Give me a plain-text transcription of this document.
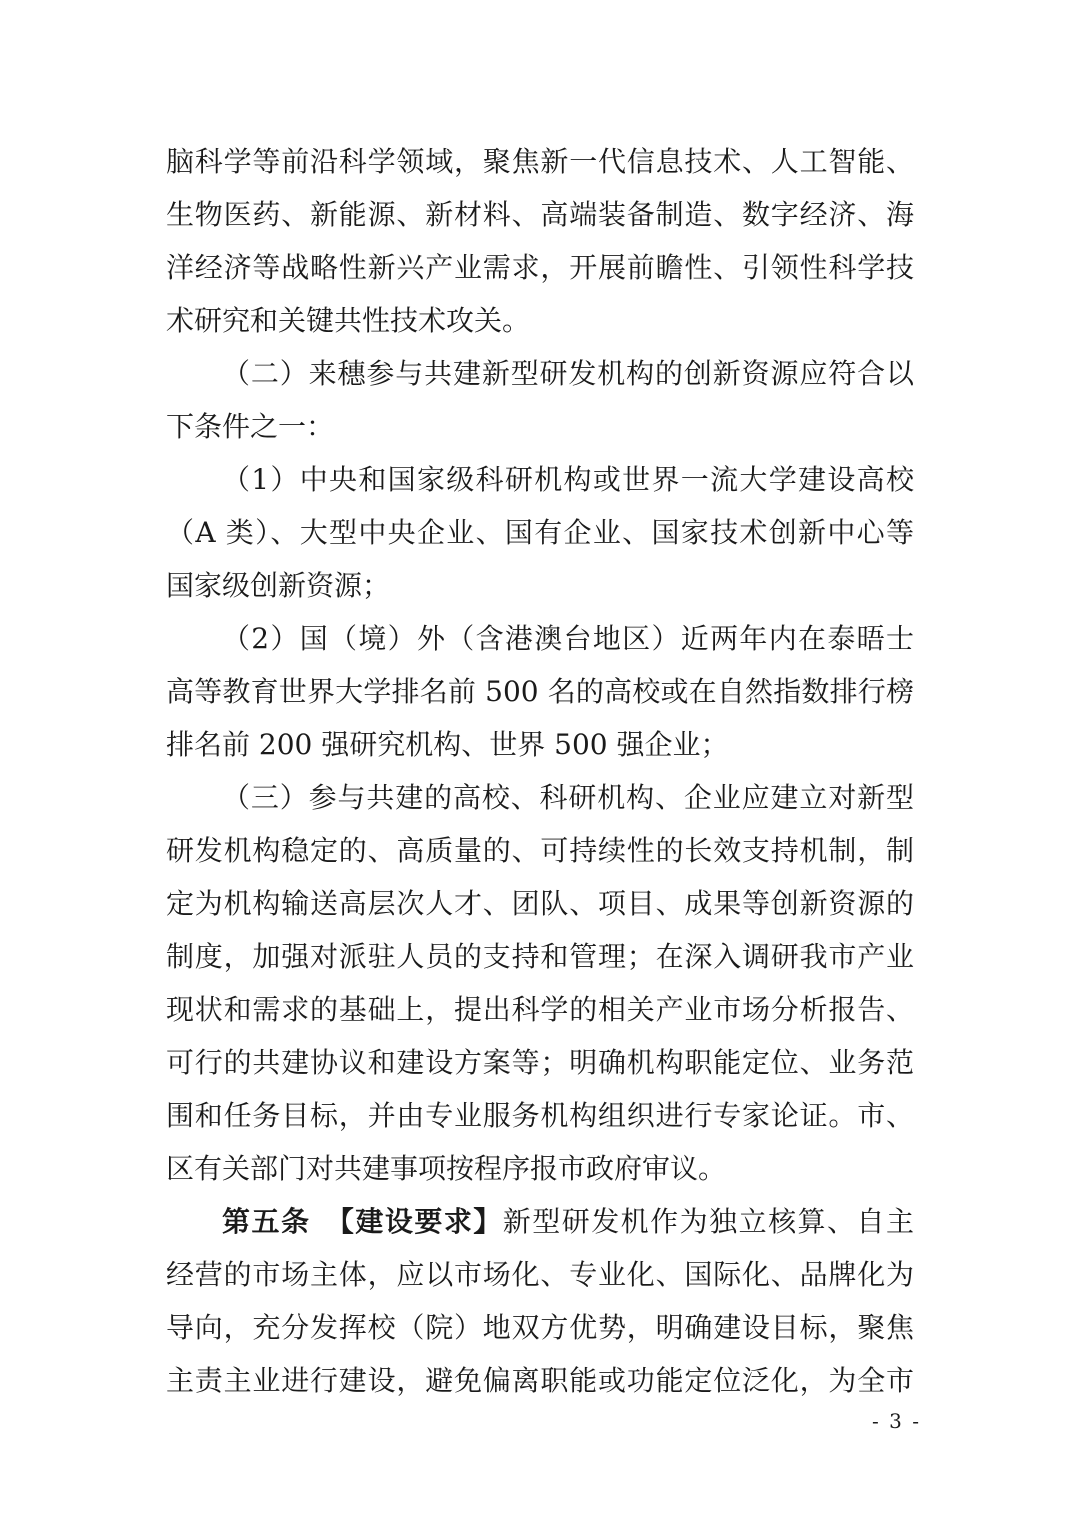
脑科学等前沿科学领域，聚焦新一代信息技术、人工智能、
生物医药、新能源、新材料、高端装备制造、数字经济、海
洋经济等战略性新兴产业需求，开展前瞻性、引领性科学技
术研究和关键共性技术攻关。
（二）来穗参与共建新型研发机构的创新资源应符合以
下条件之一：
（1）中央和国家级科研机构或世界一流大学建设高校
（A 类）、大型中央企业、国有企业、国家技术创新中心等
国家级创新资源；
（2）国（境）外（含港澳台地区）近两年内在泰晤士
高等教育世界大学排名前 500 名的高校或在自然指数排行榜
排名前 200 强研究机构、世界 500 强企业；
（三）参与共建的高校、科研机构、企业应建立对新型
研发机构稳定的、高质量的、可持续性的长效支持机制，制
定为机构输送高层次人才、团队、项目、成果等创新资源的
制度，加强对派驻人员的支持和管理；在深入调研我市产业
现状和需求的基础上，提出科学的相关产业市场分析报告、
可行的共建协议和建设方案等；明确机构职能定位、业务范
围和任务目标，并由专业服务机构组织进行专家论证。市、
区有关部门对共建事项按程序报市政府审议。
第五条 【建设要求】新型研发机作为独立核算、自主
经营的市场主体，应以市场化、专业化、国际化、品牌化为
导向，充分发挥校（院）地双方优势，明确建设目标，聚焦
主责主业进行建设，避免偏离职能或功能定位泛化，为全市
- 3 -
